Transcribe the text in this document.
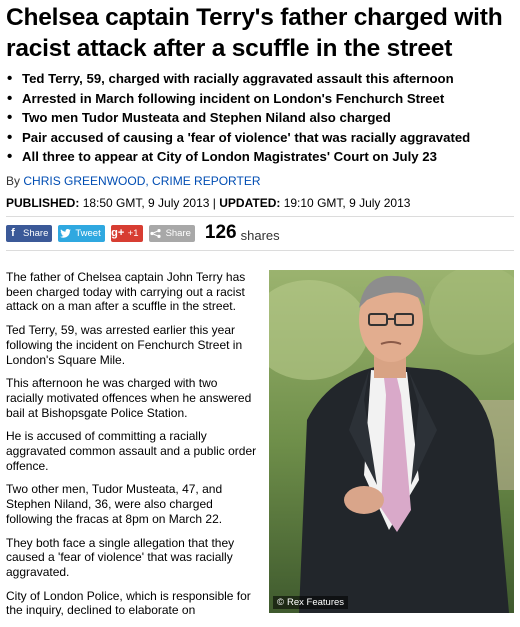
Chelsea captain Terry's father charged with racist attack after a scuffle in the street
• Ted Terry, 59, charged with racially aggravated assault this afternoon
• Arrested in March following incident on London's Fenchurch Street
• Two men Tudor Musteata and Stephen Niland also charged
• Pair accused of causing a 'fear of violence' that was racially aggravated
• All three to appear at City of London Magistrates' Court on July 23
By CHRIS GREENWOOD, CRIME REPORTER
PUBLISHED: 18:50 GMT, 9 July 2013 | UPDATED: 19:10 GMT, 9 July 2013
f Share	Tweet g+ +1	Share 126 shares

The father of Chelsea captain John Terry has been charged today with carrying out a racist attack on a man after a scuffle in the street.

Ted Terry, 59, was arrested earlier this year following the incident on Fenchurch Street in London's Square Mile.

This afternoon he was charged with two racially motivated offences when he answered bail at Bishopsgate Police Station.

He is accused of committing a racially aggravated common assault and a public order offence.

Two other men, Tudor Musteata, 47, and Stephen Niland, 36, were also charged following the fracas at 8pm on March 22.

They both face a single allegation that they caused a 'fear of violence' that was racially aggravated.

City of London Police, which is responsible for the inquiry, declined to elaborate on

© Rex Features
